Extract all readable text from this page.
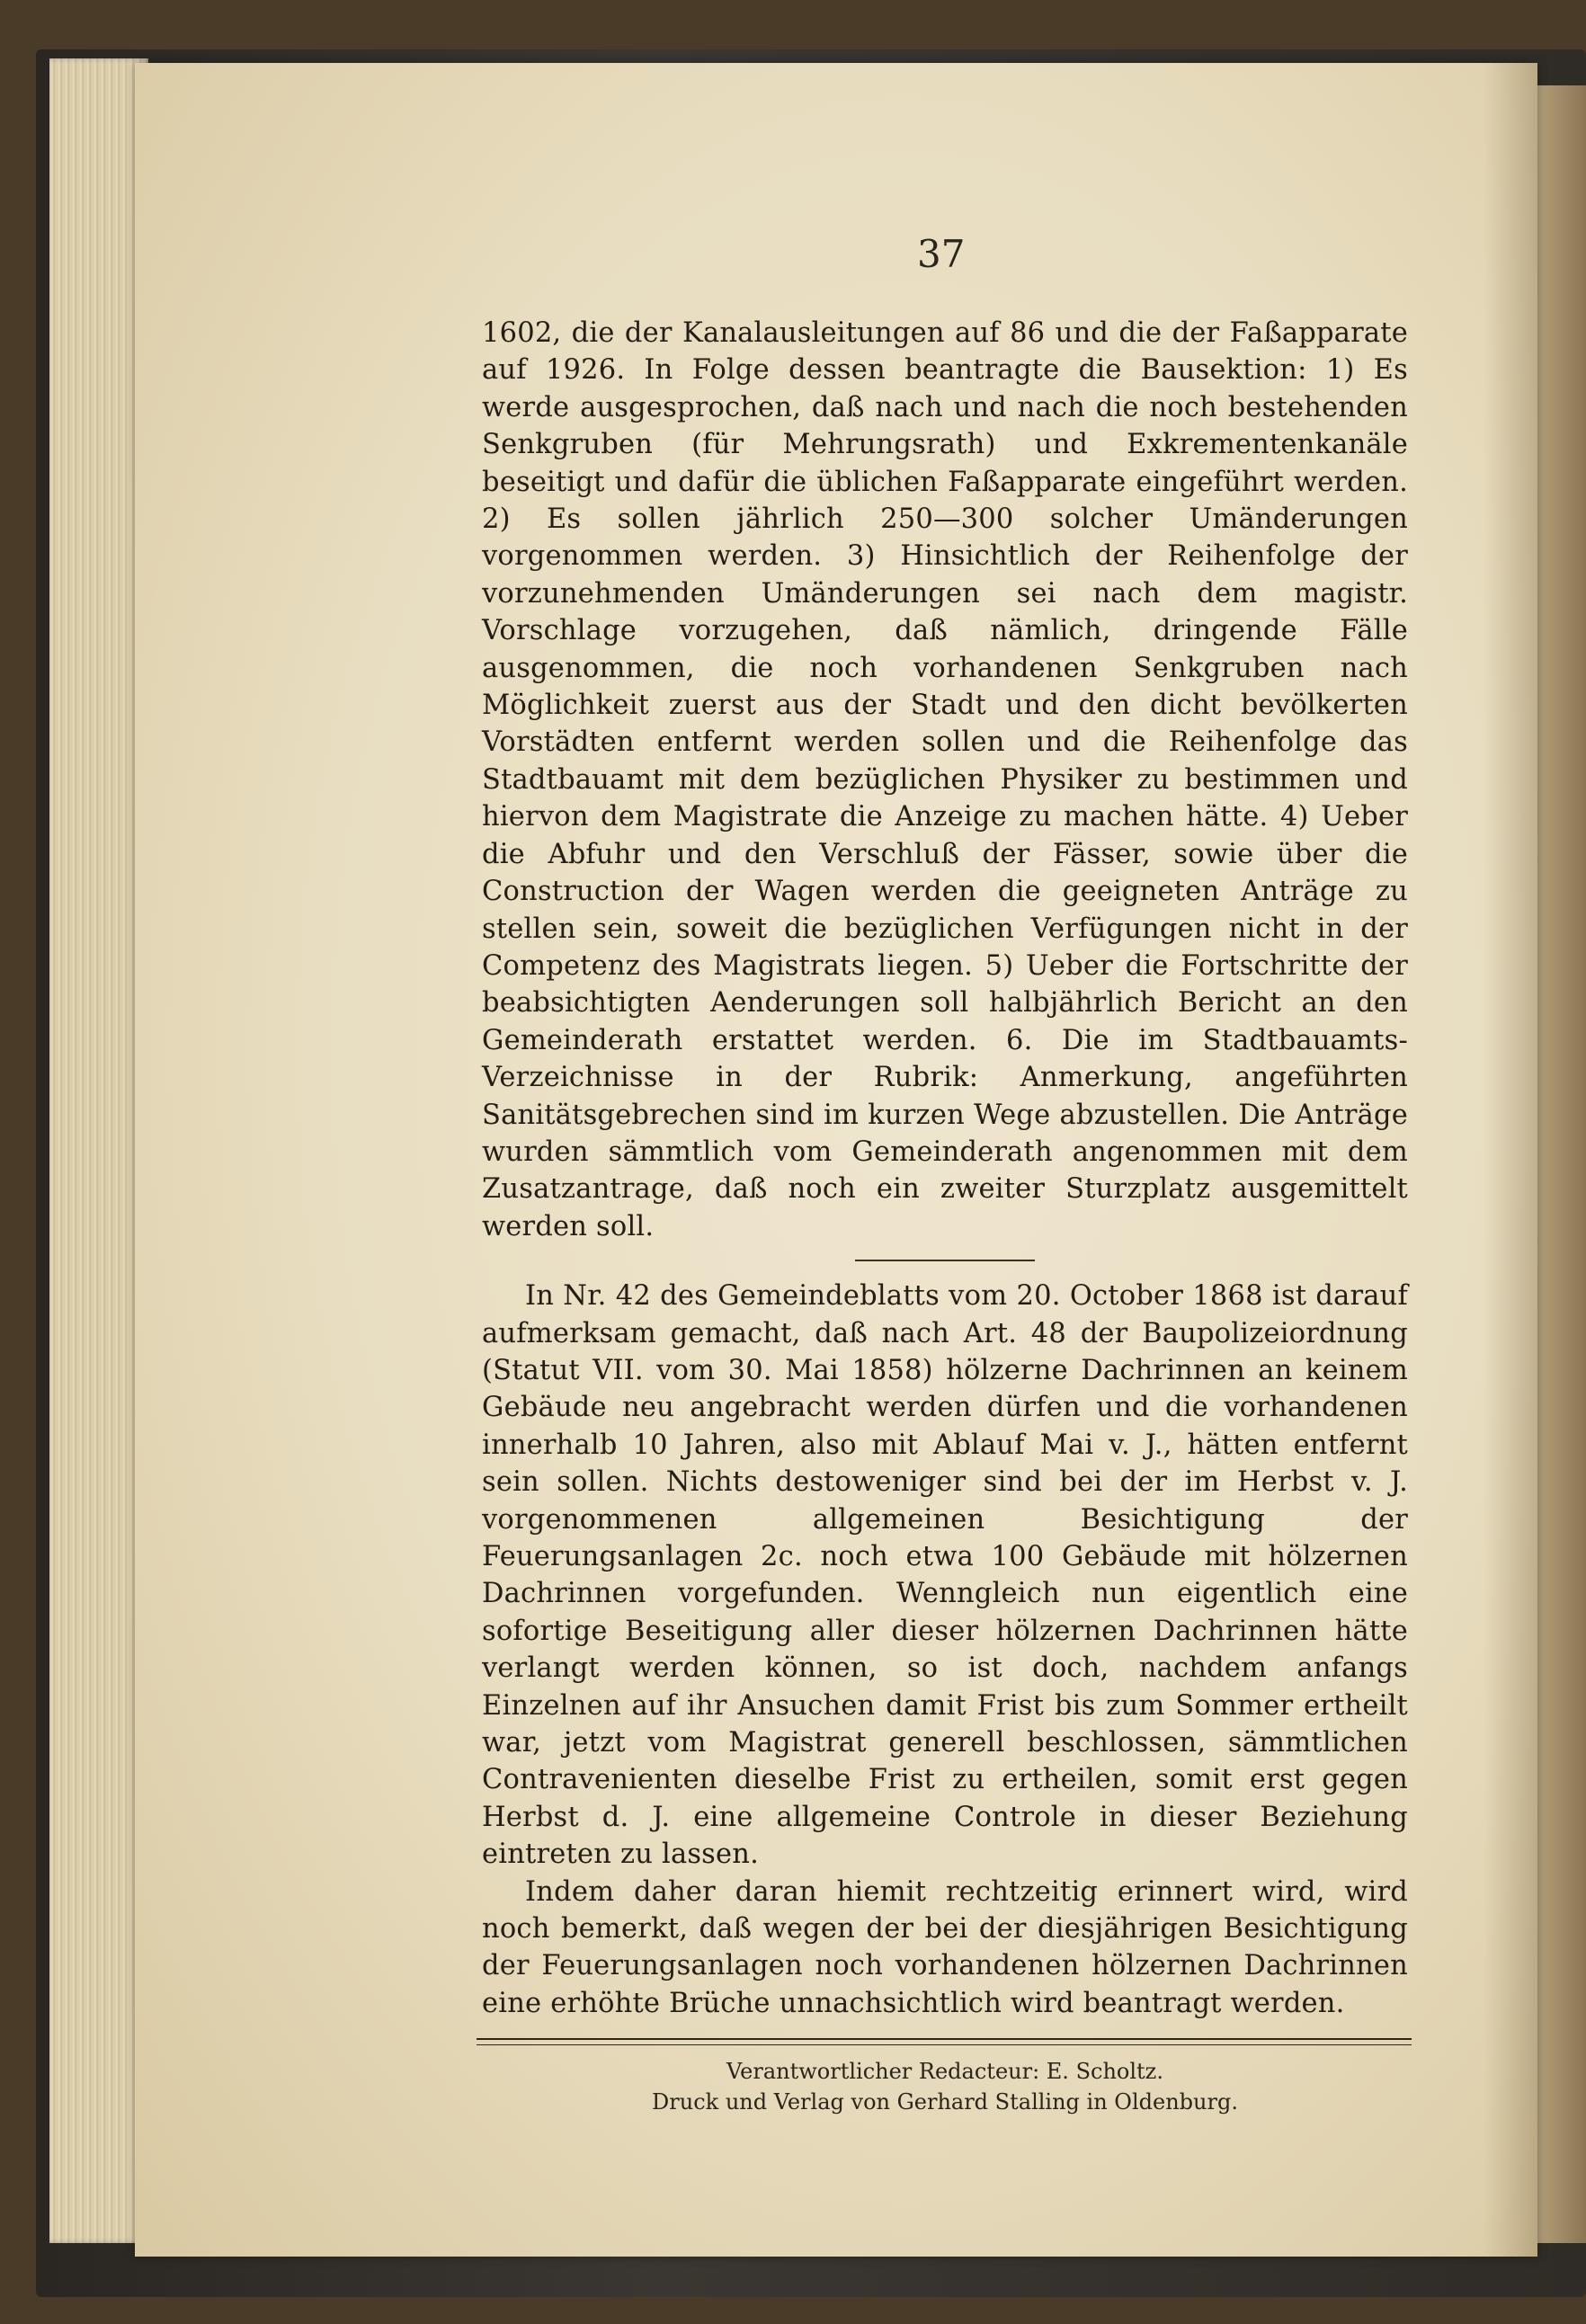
37

1602, die der Kanalausleitungen auf 86 und die der Faßapparate auf 1926. In Folge dessen beantragte die Bausektion: 1) Es werde ausgesprochen, daß nach und nach die noch bestehenden Senkgruben (für Mehrungsrath) und Exkrementenkanäle beseitigt und dafür die üblichen Faßapparate eingeführt werden. 2) Es sollen jährlich 250—300 solcher Umänderungen vorgenommen werden. 3) Hinsichtlich der Reihenfolge der vorzunehmenden Umänderungen sei nach dem magistr. Vorschlage vorzugehen, daß nämlich, dringende Fälle ausgenommen, die noch vorhandenen Senkgruben nach Möglichkeit zuerst aus der Stadt und den dicht bevölkerten Vorstädten entfernt werden sollen und die Reihenfolge das Stadtbauamt mit dem bezüglichen Physiker zu bestimmen und hiervon dem Magistrate die Anzeige zu machen hätte. 4) Ueber die Abfuhr und den Verschluß der Fässer, sowie über die Construction der Wagen werden die geeigneten Anträge zu stellen sein, soweit die bezüglichen Verfügungen nicht in der Competenz des Magistrats liegen. 5) Ueber die Fortschritte der beabsichtigten Aenderungen soll halbjährlich Bericht an den Gemeinderath erstattet werden. 6. Die im Stadtbauamts-Verzeichnisse in der Rubrik: Anmerkung, angeführten Sanitätsgebrechen sind im kurzen Wege abzustellen. Die Anträge wurden sämmtlich vom Gemeinderath angenommen mit dem Zusatzantrage, daß noch ein zweiter Sturzplatz ausgemittelt werden soll.

In Nr. 42 des Gemeindeblatts vom 20. October 1868 ist darauf aufmerksam gemacht, daß nach Art. 48 der Baupolizeiordnung (Statut VII. vom 30. Mai 1858) hölzerne Dachrinnen an keinem Gebäude neu angebracht werden dürfen und die vorhandenen innerhalb 10 Jahren, also mit Ablauf Mai v. J., hätten entfernt sein sollen. Nichts destoweniger sind bei der im Herbst v. J. vorgenommenen allgemeinen Besichtigung der Feuerungsanlagen 2c. noch etwa 100 Gebäude mit hölzernen Dachrinnen vorgefunden. Wenngleich nun eigentlich eine sofortige Beseitigung aller dieser hölzernen Dachrinnen hätte verlangt werden können, so ist doch, nachdem anfangs Einzelnen auf ihr Ansuchen damit Frist bis zum Sommer ertheilt war, jetzt vom Magistrat generell beschlossen, sämmtlichen Contravenienten dieselbe Frist zu ertheilen, somit erst gegen Herbst d. J. eine allgemeine Controle in dieser Beziehung eintreten zu lassen.

Indem daher daran hiemit rechtzeitig erinnert wird, wird noch bemerkt, daß wegen der bei der diesjährigen Besichtigung der Feuerungsanlagen noch vorhandenen hölzernen Dachrinnen eine erhöhte Brüche unnachsichtlich wird beantragt werden.

Verantwortlicher Redacteur: E. Scholtz.

Druck und Verlag von Gerhard Stalling in Oldenburg.
